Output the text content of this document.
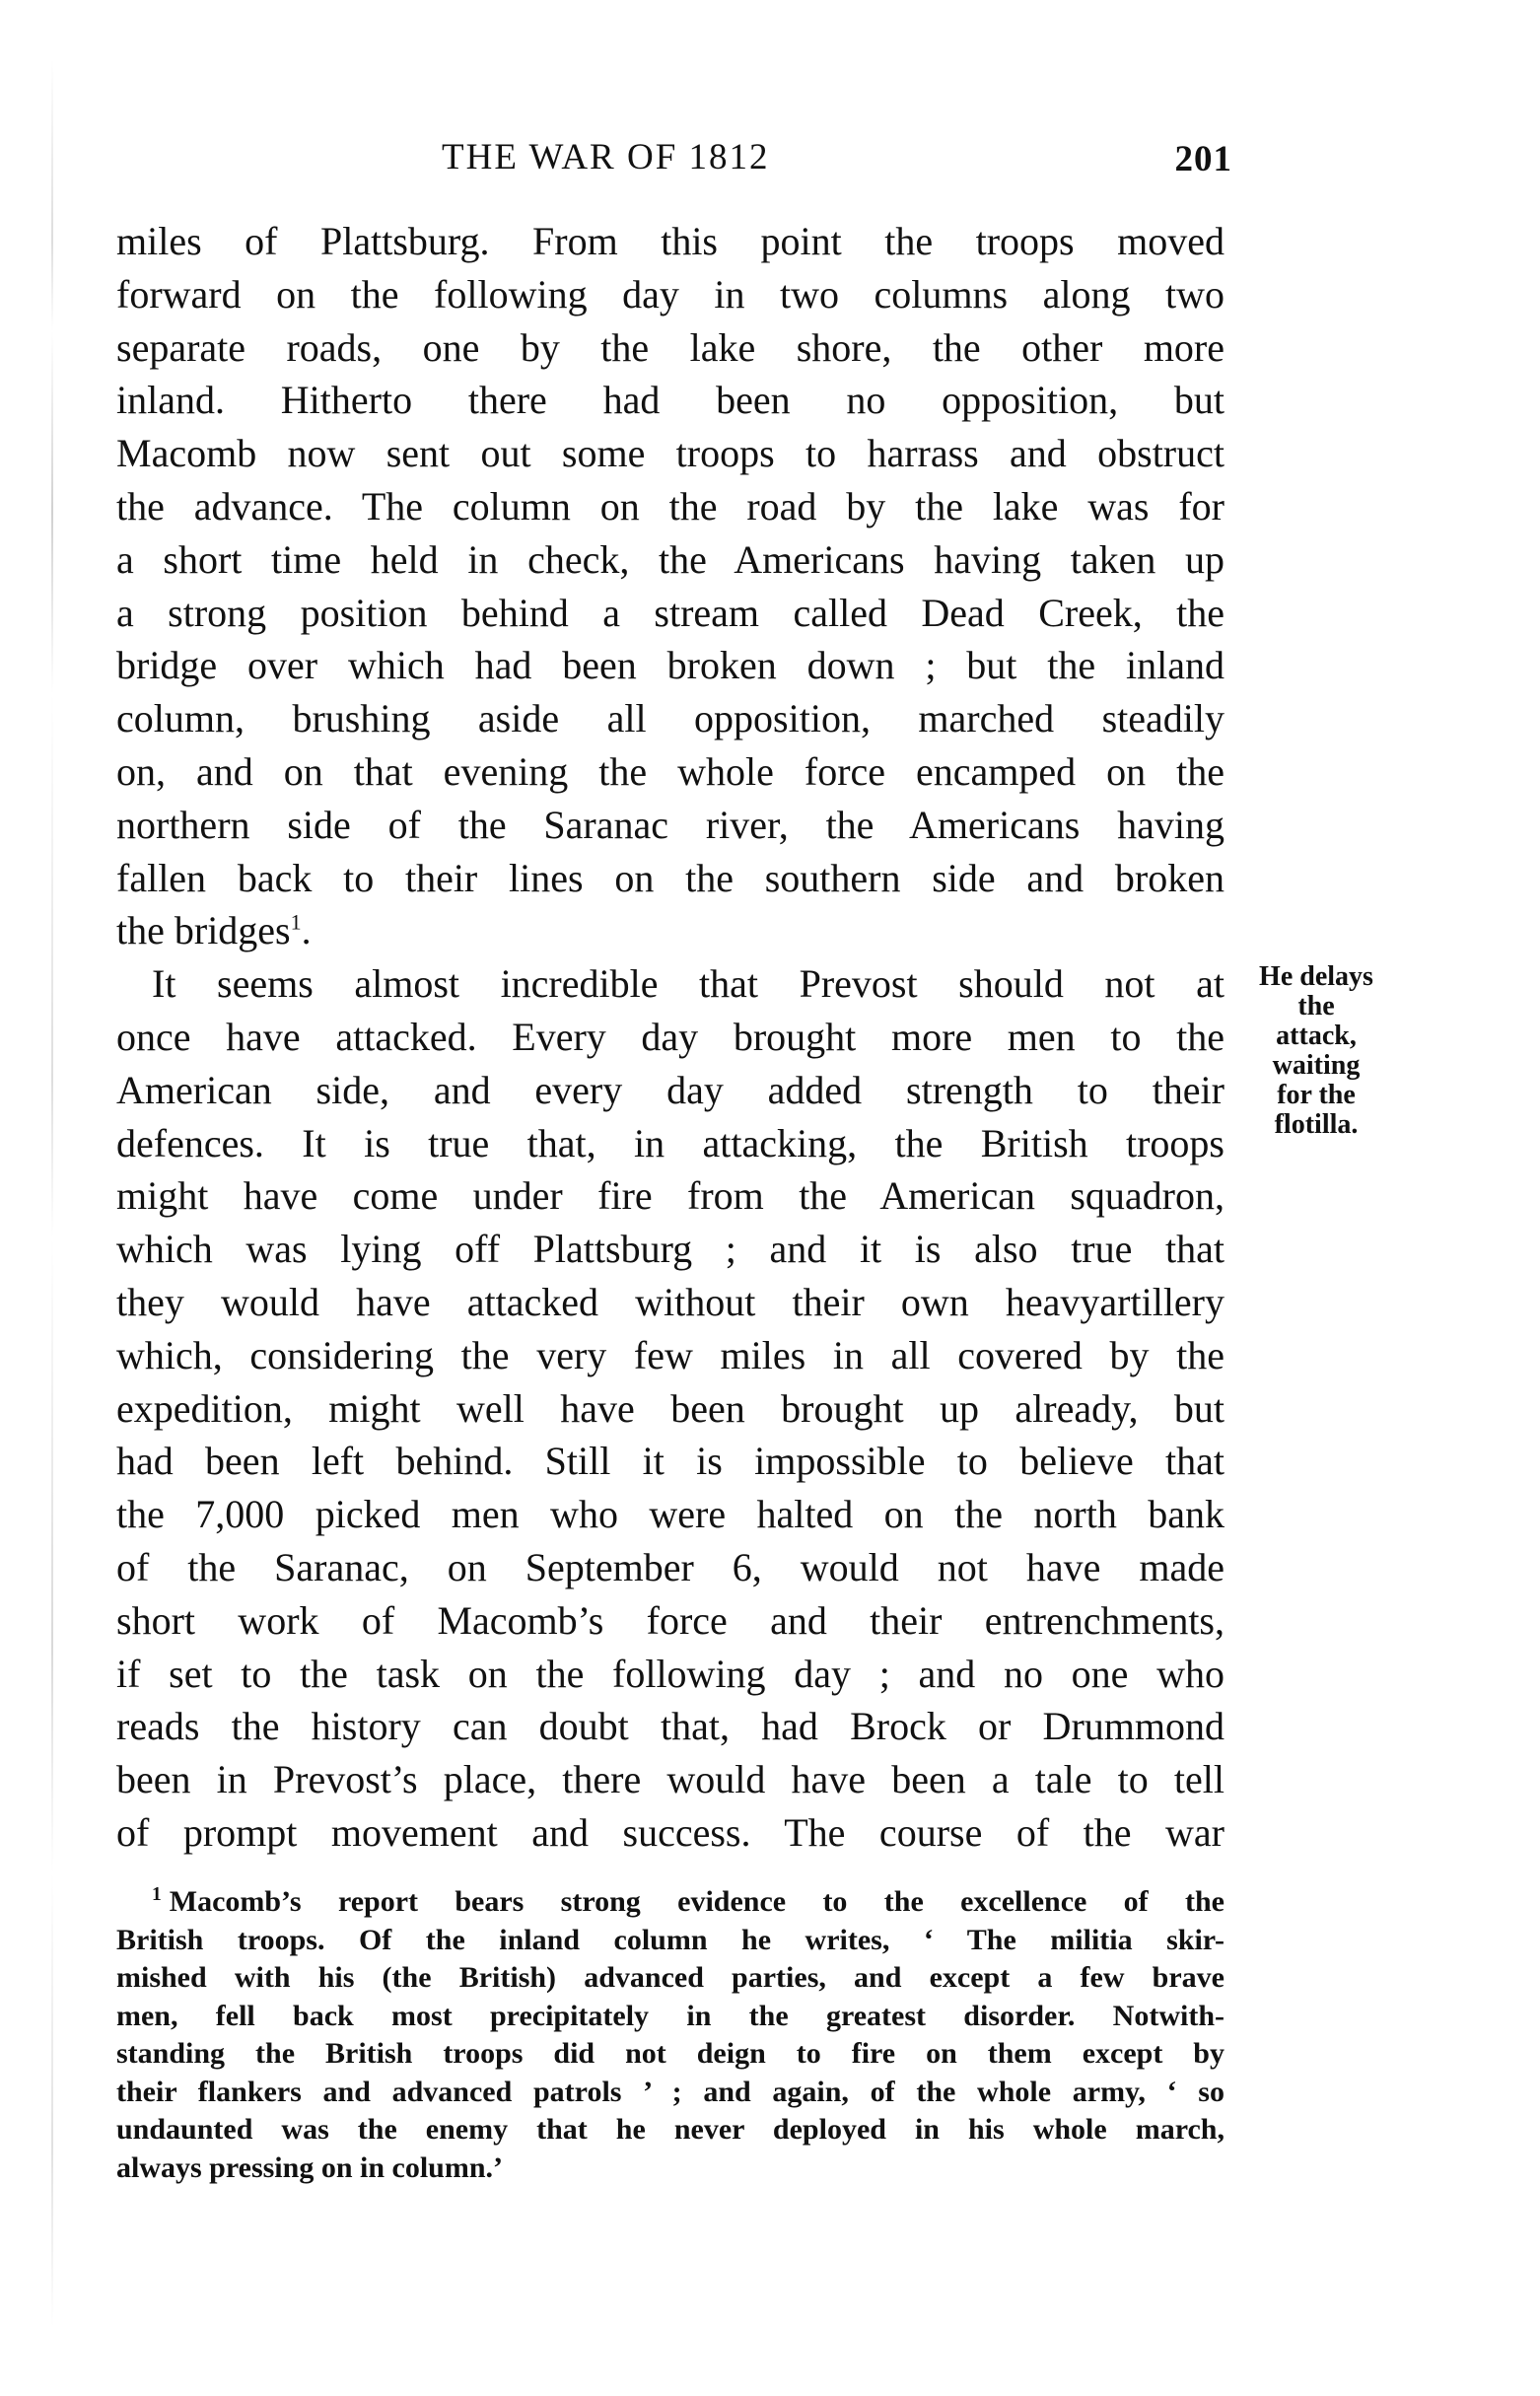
THE WAR OF 1812	201

miles of Plattsburg. From this point the troops moved

forward on the following day in two columns along two

separate roads, one by the lake shore, the other more

inland. Hitherto there had been no opposition, but

Macomb now sent out some troops to harrass and obstruct

the advance. The column on the road by the lake was for

a short time held in check, the Americans having taken up

a strong position behind a stream called Dead Creek, the

bridge over which had been broken down ; but the inland

column, brushing aside all opposition, marched steadily

on, and on that evening the whole force encamped on the

northern side of the Saranac river, the Americans having

fallen back to their lines on the southern side and broken

the bridges$^1$.

It seems almost incredible that Prevost should not at

once have attacked. Every day brought more men to the

American side, and every day added strength to their

defences. It is true that, in attacking, the British troops

might have come under fire from the American squadron,

which was lying off Plattsburg ; and it is also true that

they would have attacked without their own heavyartillery

which, considering the very few miles in all covered by the

expedition, might well have been brought up already, but

had been left behind. Still it is impossible to believe that

the 7,000 picked men who were halted on the north bank

of the Saranac, on September 6, would not have made

short work of Macomb’s force and their entrenchments,

if set to the task on the following day ; and no one who

reads the history can doubt that, had Brock or Drummond

been in Prevost’s place, there would have been a tale to tell

of prompt movement and success. The course of the war

He delays
the
attack,
waiting
for the
flotilla.

$^1$ Macomb’s report bears strong evidence to the excellence of the

British troops. Of the inland column he writes, ‘ The militia skir-

mished with his (the British) advanced parties, and except a few brave

men, fell back most precipitately in the greatest disorder. Notwith-

standing the British troops did not deign to fire on them except by

their flankers and advanced patrols ’ ; and again, of the whole army, ‘ so

undaunted was the enemy that he never deployed in his whole march,

always pressing on in column.’
